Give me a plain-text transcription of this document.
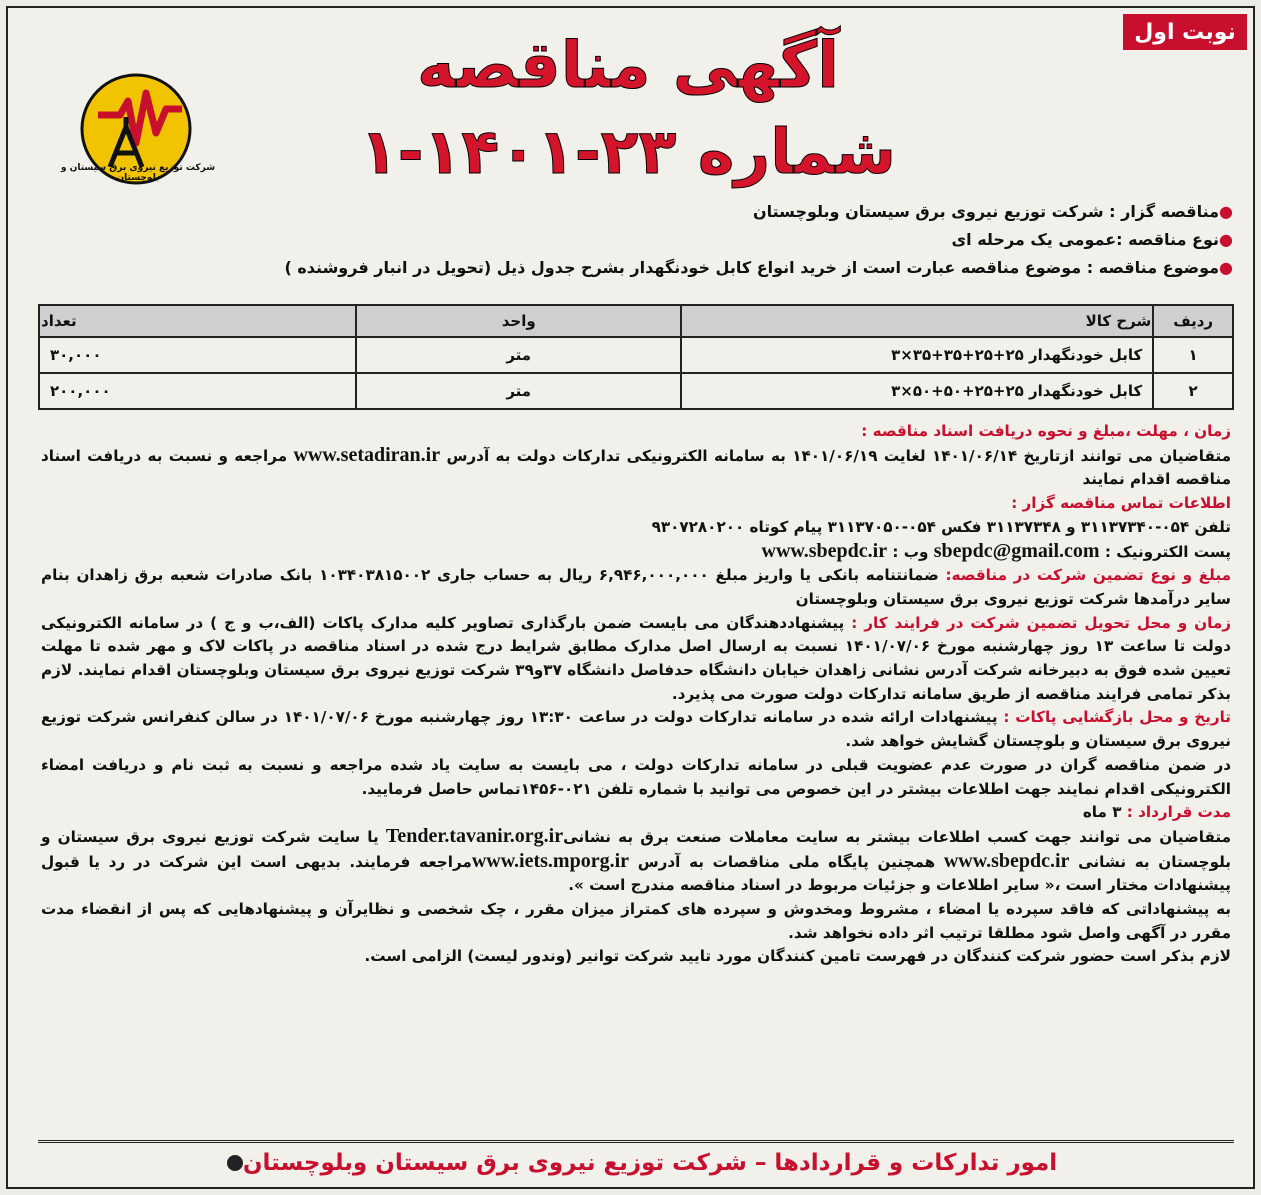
نوبت اول
شرکت توزیع نیروی برق سیستان و بلوچستان
آگهی مناقصه
شماره ۲۳-۱۴۰۱-۱
●مناقصه گزار : شرکت توزیع نیروی برق سیستان وبلوچستان
●نوع مناقصه :عمومی یک مرحله ای
●موضوع مناقصه : موضوع مناقصه عبارت است از خرید انواع کابل خودنگهدار بشرح جدول ذیل (تحویل در انبار فروشنده )
ردیف	شرح کالا	واحد	تعداد
۱	کابل خودنگهدار ۲۵+۲۵+۳۵+۳۵×۳	متر	۳۰,۰۰۰
۲	کابل خودنگهدار ۲۵+۲۵+۵۰+۵۰×۳	متر	۲۰۰,۰۰۰

زمان ، مهلت ،مبلغ و نحوه دریافت اسناد مناقصه :

متقاضیان می توانند ازتاریخ ۱۴۰۱/۰۶/۱۴ لغایت ۱۴۰۱/۰۶/۱۹ به سامانه الکترونیکی تدارکات دولت به آدرس www.setadiran.ir مراجعه و نسبت به دریافت اسناد مناقصه اقدام نمایند

اطلاعات تماس مناقصه گزار :

تلفن ۰۵۴-۳۱۱۳۷۳۴۰ و ۳۱۱۳۷۳۴۸ فکس ۰۵۴-۳۱۱۳۷۰۵۰ پیام کوتاه ۹۳۰۷۲۸۰۲۰۰

پست الکترونیک : sbepdc@gmail.com وب : www.sbepdc.ir

مبلغ و نوع تضمین شرکت در مناقصه: ضمانتنامه بانکی یا واریز مبلغ ۶,۹۴۶,۰۰۰,۰۰۰ ریال به حساب جاری ۱۰۳۴۰۳۸۱۵۰۰۲ بانک صادرات شعبه برق زاهدان بنام سایر درآمدها شرکت توزیع نیروی برق سیستان وبلوچستان

زمان و محل تحویل تضمین شرکت در فرایند کار : پیشنهاددهندگان می بایست ضمن بارگذاری تصاویر کلیه مدارک پاکات (الف،ب و ج ) در سامانه الکترونیکی دولت تا ساعت ۱۳ روز چهارشنبه مورخ ۱۴۰۱/۰۷/۰۶ نسبت به ارسال اصل مدارک مطابق شرایط درج شده در اسناد مناقصه در پاکات لاک و مهر شده تا مهلت تعیین شده فوق به دبیرخانه شرکت آدرس نشانی زاهدان خیابان دانشگاه حدفاصل دانشگاه ۳۷و۳۹ شرکت توزیع نیروی برق سیستان وبلوچستان اقدام نمایند. لازم بذکر تمامی فرایند مناقصه از طریق سامانه تدارکات دولت صورت می پذیرد.

تاریخ و محل بازگشایی پاکات : پیشنهادات ارائه شده در سامانه تدارکات دولت در ساعت ۱۳:۳۰ روز چهارشنبه مورخ ۱۴۰۱/۰۷/۰۶ در سالن کنفرانس شرکت توزیع نیروی برق سیستان و بلوچستان گشایش خواهد شد.

در ضمن مناقصه گران در صورت عدم عضویت قبلی در سامانه تدارکات دولت ، می بایست به سایت یاد شده مراجعه و نسبت به ثبت نام و دریافت امضاء الکترونیکی اقدام نمایند جهت اطلاعات بیشتر در این خصوص می توانید با شماره تلفن ۰۲۱-۱۴۵۶تماس حاصل فرمایید.

مدت قرارداد : ۳ ماه

متقاضیان می توانند جهت کسب اطلاعات بیشتر به سایت معاملات صنعت برق به نشانیTender.tavanir.org.ir یا سایت شرکت توزیع نیروی برق سیستان و بلوچستان به نشانی www.sbepdc.ir همچنین پایگاه ملی مناقصات به آدرس www.iets.mporg.irمراجعه فرمایند. بدیهی است این شرکت در رد یا قبول پیشنهادات مختار است ،« سایر اطلاعات و جزئیات مربوط در اسناد مناقصه مندرج است ».

به پیشنهاداتی که فاقد سپرده یا امضاء ، مشروط ومخدوش و سپرده های کمتراز میزان مقرر ، چک شخصی و نظایرآن و پیشنهادهایی که پس از انقضاء مدت مقرر در آگهی واصل شود مطلقا ترتیب اثر داده نخواهد شد.

لازم بذکر است حضور شرکت کنندگان در فهرست تامین کنندگان مورد تایید شرکت توانیر (وندور لیست) الزامی است.

امور تدارکات و قراردادها – شرکت توزیع نیروی برق سیستان وبلوچستان
